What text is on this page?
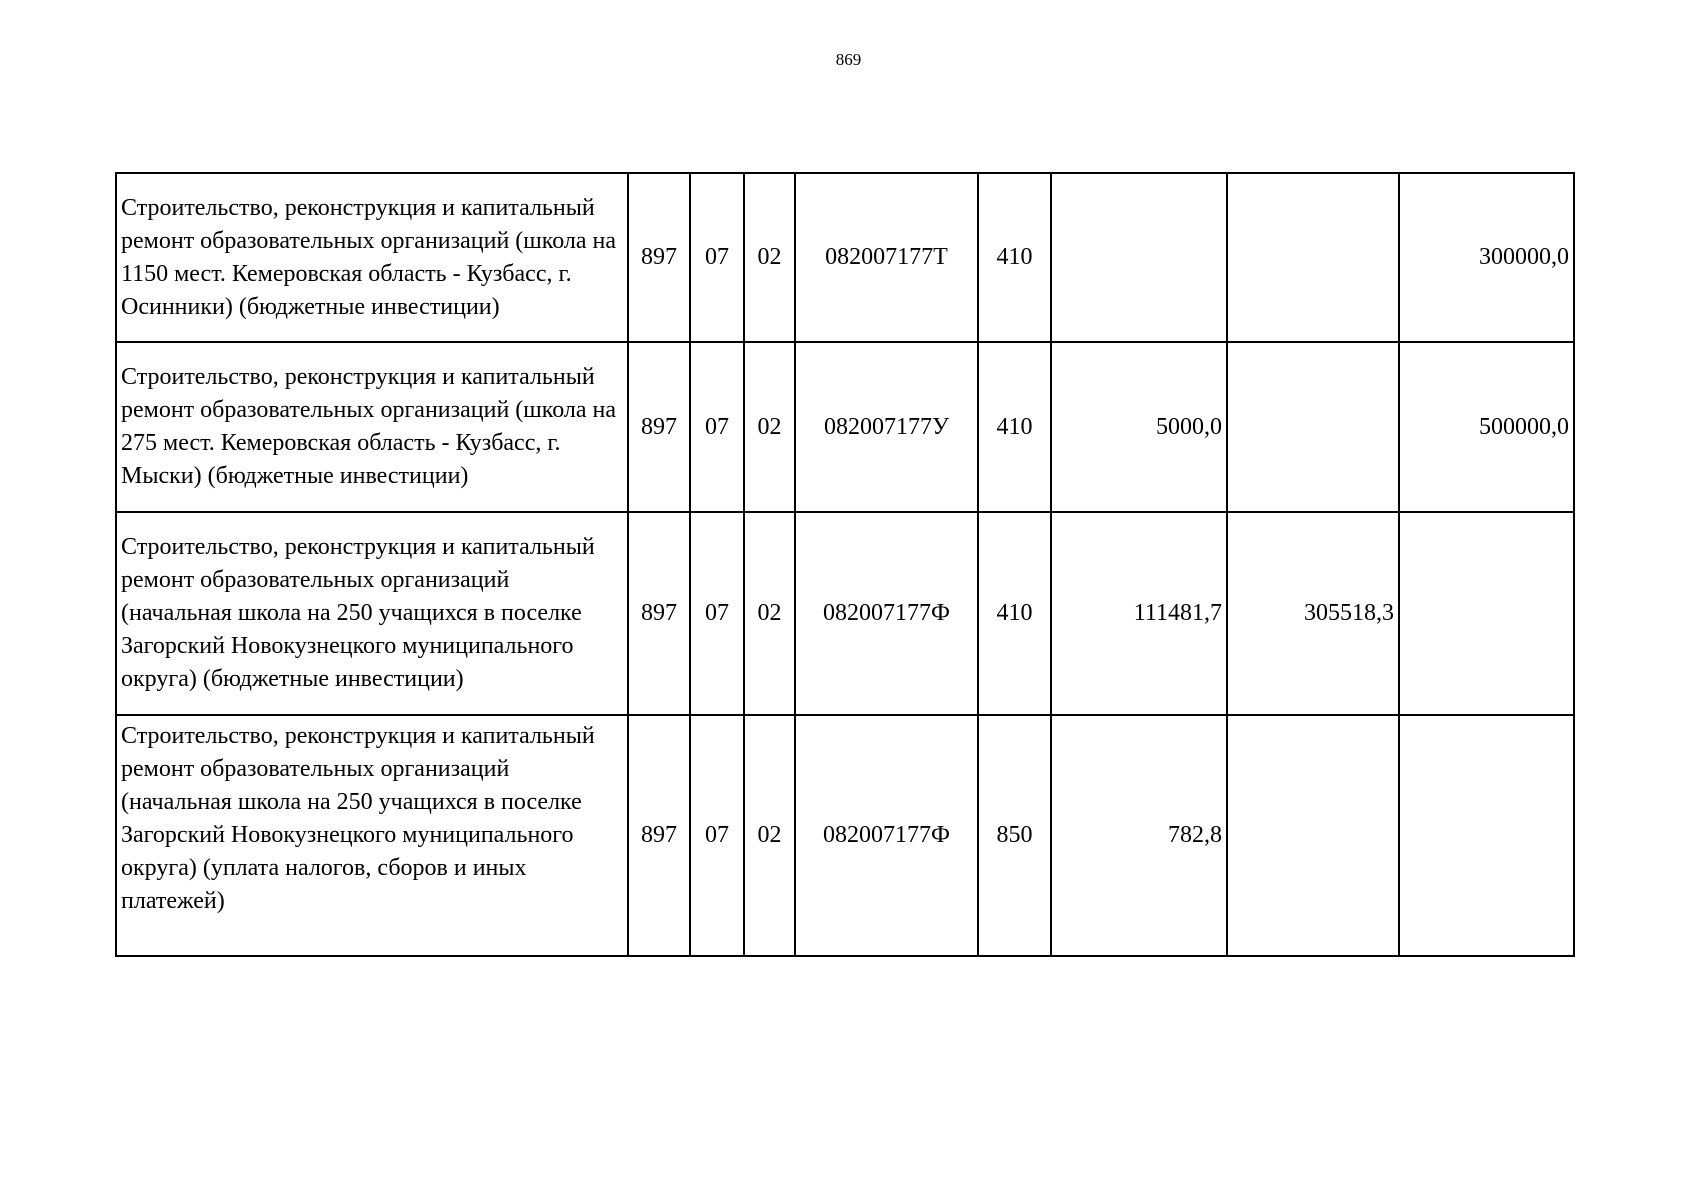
869
Строительство, реконструкция и капитальный ремонт образовательных организаций (школа на 1150 мест. Кемеровская область - Кузбасс, г. Осинники) (бюджетные инвестиции)	897	07	02	082007177Т	410			300000,0
Строительство, реконструкция и капитальный ремонт образовательных организаций (школа на 275 мест. Кемеровская область - Кузбасс, г. Мыски) (бюджетные инвестиции)	897	07	02	082007177У	410	5000,0		500000,0
Строительство, реконструкция и капитальный ремонт образовательных организаций (начальная школа на 250 учащихся в поселке Загорский Новокузнецкого муниципального округа) (бюджетные инвестиции)	897	07	02	082007177Ф	410	111481,7	305518,3	
Строительство, реконструкция и капитальный ремонт образовательных организаций (начальная школа на 250 учащихся в поселке Загорский Новокузнецкого муниципального округа) (уплата налогов, сборов и иных платежей)	897	07	02	082007177Ф	850	782,8		
